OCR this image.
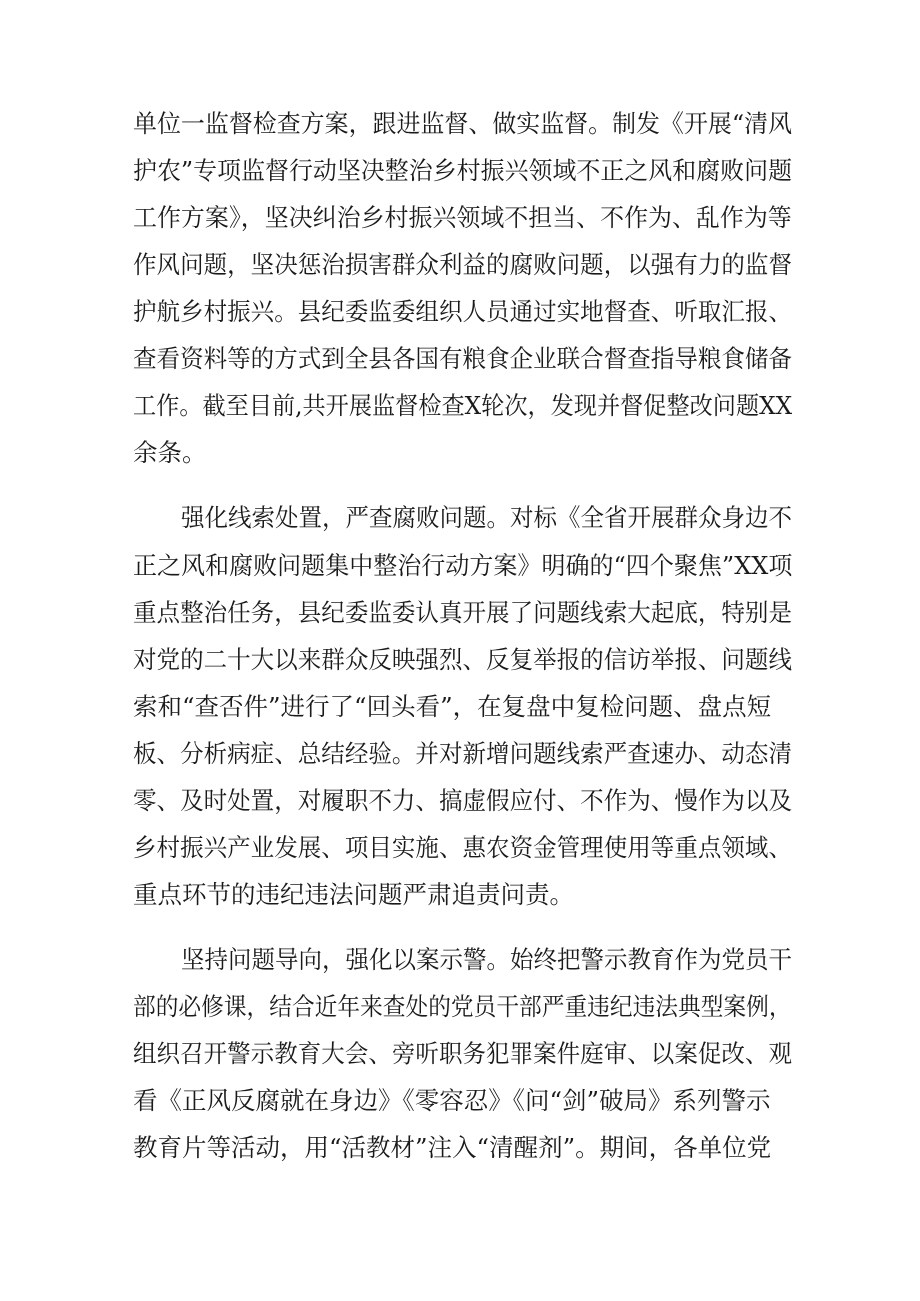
单位一监督检查方案，跟进监督、做实监督。制发《开展“清风
护农”专项监督行动坚决整治乡村振兴领域不正之风和腐败问题
工作方案》，坚决纠治乡村振兴领域不担当、不作为、乱作为等
作风问题，坚决惩治损害群众利益的腐败问题，以强有力的监督
护航乡村振兴。县纪委监委组织人员通过实地督查、听取汇报、
查看资料等的方式到全县各国有粮食企业联合督查指导粮食储备
工作。截至目前,共开展监督检查X轮次，发现并督促整改问题XX
余条。
强化线索处置，严查腐败问题。对标《全省开展群众身边不
正之风和腐败问题集中整治行动方案》明确的“四个聚焦”XX项
重点整治任务，县纪委监委认真开展了问题线索大起底，特别是
对党的二十大以来群众反映强烈、反复举报的信访举报、问题线
索和“查否件”进行了“回头看”，在复盘中复检问题、盘点短
板、分析病症、总结经验。并对新增问题线索严查速办、动态清
零、及时处置，对履职不力、搞虚假应付、不作为、慢作为以及
乡村振兴产业发展、项目实施、惠农资金管理使用等重点领域、
重点环节的违纪违法问题严肃追责问责。
坚持问题导向，强化以案示警。始终把警示教育作为党员干
部的必修课，结合近年来查处的党员干部严重违纪违法典型案例，
组织召开警示教育大会、旁听职务犯罪案件庭审、以案促改、观
看《正风反腐就在身边》《零容忍》《问“剑”破局》系列警示
教育片等活动，用“活教材”注入“清醒剂”。期间，各单位党
